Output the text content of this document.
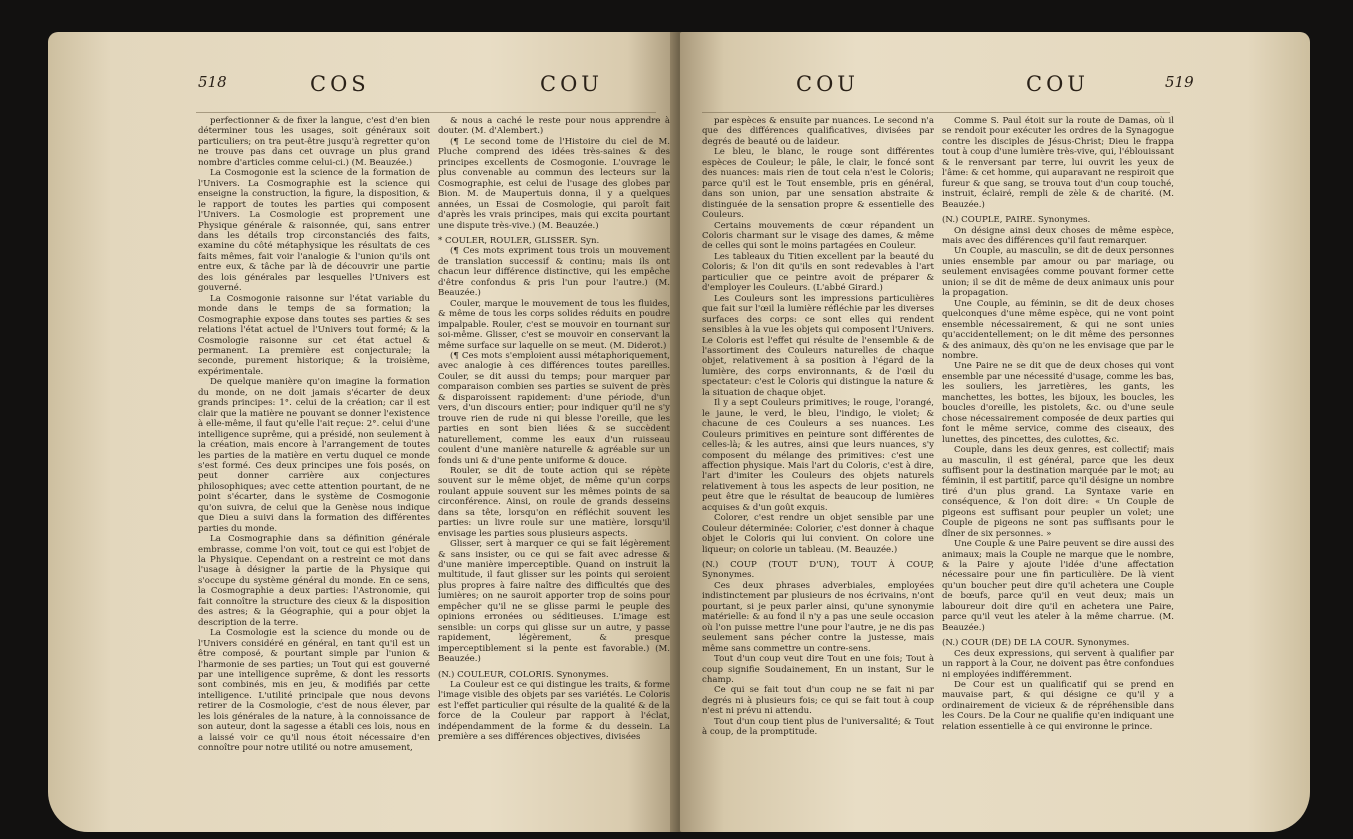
518	COS	COU

perfectionner & de fixer la langue, c'est d'en bien déterminer tous les usages, soit généraux soit particuliers; on tra peut-être jusqu'à regretter qu'on ne trouve pas dans cet ouvrage un plus grand nombre d'articles comme celui-ci.) (M. Beauzée.)

La Cosmogonie est la science de la formation de l'Univers. La Cosmographie est la science qui enseigne la construction, la figure, la disposition, & le rapport de toutes les parties qui composent l'Univers. La Cosmologie est proprement une Physique générale & raisonnée, qui, sans entrer dans les détails trop circonstanciés des faits, examine du côté métaphysique les résultats de ces faits mêmes, fait voir l'analogie & l'union qu'ils ont entre eux, & tâche par là de découvrir une partie des lois générales par lesquelles l'Univers est gouverné.

La Cosmogonie raisonne sur l'état variable du monde dans le temps de sa formation; la Cosmographie expose dans toutes ses parties & ses relations l'état actuel de l'Univers tout formé; & la Cosmologie raisonne sur cet état actuel & permanent. La première est conjecturale; la seconde, purement historique; & la troisième, expérimentale.

De quelque manière qu'on imagine la formation du monde, on ne doit jamais s'écarter de deux grands principes: 1°. celui de la création; car il est clair que la matière ne pouvant se donner l'existence à elle-même, il faut qu'elle l'ait reçue: 2°. celui d'une intelligence suprême, qui a présidé, non seulement à la création, mais encore à l'arrangement de toutes les parties de la matière en vertu duquel ce monde s'est formé. Ces deux principes une fois posés, on peut donner carrière aux conjectures philosophiques; avec cette attention pourtant, de ne point s'écarter, dans le système de Cosmogonie qu'on suivra, de celui que la Genèse nous indique que Dieu a suivi dans la formation des différentes parties du monde.

La Cosmographie dans sa définition générale embrasse, comme l'on voit, tout ce qui est l'objet de la Physique. Cependant on a restreint ce mot dans l'usage à désigner la partie de la Physique qui s'occupe du système général du monde. En ce sens, la Cosmographie a deux parties: l'Astronomie, qui fait connoître la structure des cieux & la disposition des astres; & la Géographie, qui a pour objet la description de la terre.

La Cosmologie est la science du monde ou de l'Univers considéré en général, en tant qu'il est un être composé, & pourtant simple par l'union & l'harmonie de ses parties; un Tout qui est gouverné par une intelligence suprême, & dont les ressorts sont combinés, mis en jeu, & modifiés par cette intelligence. L'utilité principale que nous devons retirer de la Cosmologie, c'est de nous élever, par les lois générales de la nature, à la connoissance de son auteur, dont la sagesse a établi ces lois, nous en a laissé voir ce qu'il nous étoit nécessaire d'en connoître pour notre utilité ou notre amusement,

& nous a caché le reste pour nous apprendre à douter. (M. d'Alembert.)

(¶ Le second tome de l'Histoire du ciel de M. Pluche comprend des idées très-saines & des principes excellents de Cosmogonie. L'ouvrage le plus convenable au commun des lecteurs sur la Cosmographie, est celui de l'usage des globes par Bion. M. de Maupertuis donna, il y a quelques années, un Essai de Cosmologie, qui paroît fait d'après les vrais principes, mais qui excita pourtant une dispute très-vive.) (M. Beauzée.)

* COULER, ROULER, GLISSER. Syn.

(¶ Ces mots expriment tous trois un mouvement de translation successif & continu; mais ils ont chacun leur différence distinctive, qui les empêche d'être confondus & pris l'un pour l'autre.) (M. Beauzée.)

Couler, marque le mouvement de tous les fluides, & même de tous les corps solides réduits en poudre impalpable. Rouler, c'est se mouvoir en tournant sur soi-même. Glisser, c'est se mouvoir en conservant la même surface sur laquelle on se meut. (M. Diderot.)

(¶ Ces mots s'emploient aussi métaphoriquement, avec analogie à ces différences toutes pareilles. Couler, se dit aussi du temps; pour marquer par comparaison combien ses parties se suivent de près & disparoissent rapidement: d'une période, d'un vers, d'un discours entier; pour indiquer qu'il ne s'y trouve rien de rude ni qui blesse l'oreille, que les parties en sont bien liées & se succèdent naturellement, comme les eaux d'un ruisseau coulent d'une manière naturelle & agréable sur un fonds uni & d'une pente uniforme & douce.

Rouler, se dit de toute action qui se répète souvent sur le même objet, de même qu'un corps roulant appuie souvent sur les mêmes points de sa circonférence. Ainsi, on roule de grands desseins dans sa tête, lorsqu'on en réfléchit souvent les parties: un livre roule sur une matière, lorsqu'il envisage les parties sous plusieurs aspects.

Glisser, sert à marquer ce qui se fait légèrement & sans insister, ou ce qui se fait avec adresse & d'une manière imperceptible. Quand on instruit la multitude, il faut glisser sur les points qui seroient plus propres à faire naître des difficultés que des lumières; on ne sauroit apporter trop de soins pour empêcher qu'il ne se glisse parmi le peuple des opinions erronées ou séditieuses. L'image est sensible: un corps qui glisse sur un autre, y passe rapidement, légèrement, & presque imperceptiblement si la pente est favorable.) (M. Beauzée.)

(N.) COULEUR, COLORIS. Synonymes.

La Couleur est ce qui distingue les traits, & forme l'image visible des objets par ses variétés. Le Coloris est l'effet particulier qui résulte de la qualité & de la force de la Couleur par rapport à l'éclat, indépendamment de la forme & du dessein. La première a ses différences objectives, divisées

COU	COU	519

par espèces & ensuite par nuances. Le second n'a que des différences qualificatives, divisées par degrés de beauté ou de laideur.

Le bleu, le blanc, le rouge sont différentes espèces de Couleur; le pâle, le clair, le foncé sont des nuances: mais rien de tout cela n'est le Coloris; parce qu'il est le Tout ensemble, pris en général, dans son union, par une sensation abstraite & distinguée de la sensation propre & essentielle des Couleurs.

Certains mouvements de cœur répandent un Coloris charmant sur le visage des dames, & même de celles qui sont le moins partagées en Couleur.

Les tableaux du Titien excellent par la beauté du Coloris; & l'on dit qu'ils en sont redevables à l'art particulier que ce peintre avoit de préparer & d'employer les Couleurs. (L'abbé Girard.)

Les Couleurs sont les impressions particulières que fait sur l'œil la lumière réfléchie par les diverses surfaces des corps: ce sont elles qui rendent sensibles à la vue les objets qui composent l'Univers. Le Coloris est l'effet qui résulte de l'ensemble & de l'assortiment des Couleurs naturelles de chaque objet, relativement à sa position à l'égard de la lumière, des corps environnants, & de l'œil du spectateur: c'est le Coloris qui distingue la nature & la situation de chaque objet.

Il y a sept Couleurs primitives; le rouge, l'orangé, le jaune, le verd, le bleu, l'indigo, le violet; & chacune de ces Couleurs a ses nuances. Les Couleurs primitives en peinture sont différentes de celles-là; & les autres, ainsi que leurs nuances, s'y composent du mélange des primitives: c'est une affection physique. Mais l'art du Coloris, c'est à dire, l'art d'imiter les Couleurs des objets naturels relativement à tous les aspects de leur position, ne peut être que le résultat de beaucoup de lumières acquises & d'un goût exquis.

Colorer, c'est rendre un objet sensible par une Couleur déterminée: Colorier, c'est donner à chaque objet le Coloris qui lui convient. On colore une liqueur; on colorie un tableau. (M. Beauzée.)

(N.) COUP (TOUT D'UN), TOUT À COUP, Synonymes.

Ces deux phrases adverbiales, employées indistinctement par plusieurs de nos écrivains, n'ont pourtant, si je peux parler ainsi, qu'une synonymie matérielle: & au fond il n'y a pas une seule occasion où l'on puisse mettre l'une pour l'autre, je ne dis pas seulement sans pécher contre la justesse, mais même sans commettre un contre-sens.

Tout d'un coup veut dire Tout en une fois; Tout à coup signifie Soudainement, En un instant, Sur le champ.

Ce qui se fait tout d'un coup ne se fait ni par degrés ni à plusieurs fois; ce qui se fait tout à coup n'est ni prévu ni attendu.

Tout d'un coup tient plus de l'universalité; & Tout à coup, de la promptitude.

Comme S. Paul étoit sur la route de Damas, où il se rendoit pour exécuter les ordres de la Synagogue contre les disciples de Jésus-Christ; Dieu le frappa tout à coup d'une lumière très-vive, qui, l'éblouissant & le renversant par terre, lui ouvrit les yeux de l'âme: & cet homme, qui auparavant ne respiroit que fureur & que sang, se trouva tout d'un coup touché, instruit, éclairé, rempli de zèle & de charité. (M. Beauzée.)

(N.) COUPLE, PAIRE. Synonymes.

On désigne ainsi deux choses de même espèce, mais avec des différences qu'il faut remarquer.

Un Couple, au masculin, se dit de deux personnes unies ensemble par amour ou par mariage, ou seulement envisagées comme pouvant former cette union; il se dit de même de deux animaux unis pour la propagation.

Une Couple, au féminin, se dit de deux choses quelconques d'une même espèce, qui ne vont point ensemble nécessairement, & qui ne sont unies qu'accidentellement; on le dit même des personnes & des animaux, dès qu'on ne les envisage que par le nombre.

Une Paire ne se dit que de deux choses qui vont ensemble par une nécessité d'usage, comme les bas, les souliers, les jarretières, les gants, les manchettes, les bottes, les bijoux, les boucles, les boucles d'oreille, les pistolets, &c. ou d'une seule chose nécessairement composée de deux parties qui font le même service, comme des ciseaux, des lunettes, des pincettes, des culottes, &c.

Couple, dans les deux genres, est collectif; mais au masculin, il est général, parce que les deux suffisent pour la destination marquée par le mot; au féminin, il est partitif, parce qu'il désigne un nombre tiré d'un plus grand. La Syntaxe varie en conséquence, & l'on doit dire: « Un Couple de pigeons est suffisant pour peupler un volet; une Couple de pigeons ne sont pas suffisants pour le dîner de six personnes. »

Une Couple & une Paire peuvent se dire aussi des animaux; mais la Couple ne marque que le nombre, & la Paire y ajoute l'idée d'une affectation nécessaire pour une fin particulière. De là vient qu'un boucher peut dire qu'il achetera une Couple de bœufs, parce qu'il en veut deux; mais un laboureur doit dire qu'il en achetera une Paire, parce qu'il veut les ateler à la même charrue. (M. Beauzée.)

(N.) COUR (DE) DE LA COUR. Synonymes.

Ces deux expressions, qui servent à qualifier par un rapport à la Cour, ne doivent pas être confondues ni employées indifféremment.

De Cour est un qualificatif qui se prend en mauvaise part, & qui désigne ce qu'il y a ordinairement de vicieux & de répréhensible dans les Cours. De la Cour ne qualifie qu'en indiquant une relation essentielle à ce qui environne le prince.
